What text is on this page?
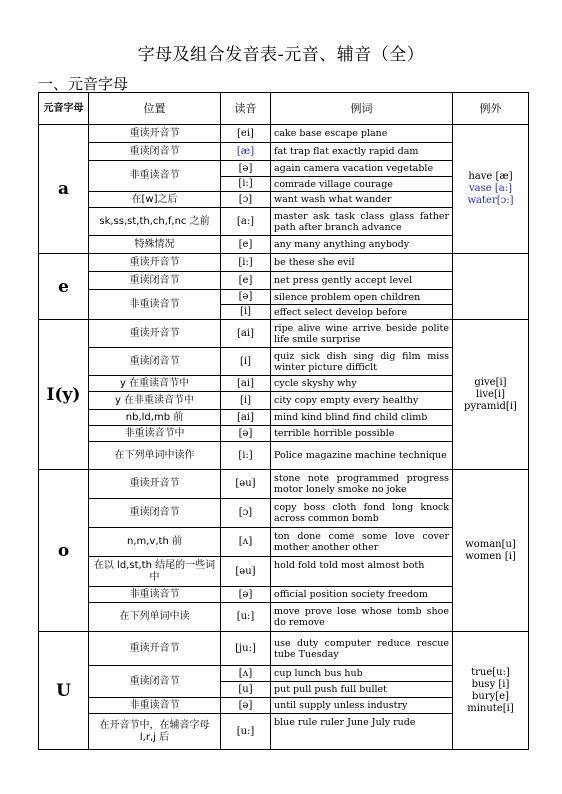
字母及组合发音表-元音、辅音（全）
一、元音字母
元音字母	位置	读音	例词	例外
a	重读开音节	[ei]	cake base escape plane	have [æ]
vase [a:]
water[ɔ:]

	重读闭音节	[æ]	fat trap flat exactly rapid dam	
	非重读音节	[ə]	again camera vacation vegetable	
		[i:]	comrade village courage	
	在[w]之后	[ɔ]	want wash what wander	
	sk,ss,st,th,ch,f,nc 之前	[a:]	master ask task class glass father path after branch advance	
	特殊情况	[e]	any many anything anybody	
e	重读开音节	[i:]	be these she evil	
	重读闭音节	[e]	net press gently accept level	
	非重读音节	[ə]	silence problem open children	
		[i]	effect select develop before	
I(y)	重读开音节	[ai]	ripe alive wine arrive beside polite life smile surprise	give[i]
live[i]
pyramid[i]

	重读闭音节	[i]	quiz sick dish sing dig film miss winter picture difficlt	
	y 在重读音节中	[ai]	cycle skyshy why	
	y 在非重读音节中	[i]	city copy empty every healthy	
	nb,ld,mb 前	[ai]	mind kind blind find child climb	
	非重读音节中	[ə]	terrible horrible possible	
	在下列单词中读作	[i:]	Police magazine machine technique	
o	重读开音节	[əu]	stone note programmed progress motor lonely smoke no joke	woman[u]
women [i]

	重读闭音节	[ɔ]	copy boss cloth fond long knock across common bomb	
	n,m,v,th 前	[ʌ]	ton done come some love cover mother another other	
	在以 ld,st,th 结尾的一些词中	[əu]	hold fold told most almost both	
	非重读音节	[ə]	official position society freedom	
	在下列单词中读	[u:]	move prove lose whose tomb shoe do remove	
U	重读开音节	[ju:]	use duty computer reduce rescue tube Tuesday	true[u:]
busy [i]
bury[e]
minute[i]

	重读闭音节	[ʌ]	cup lunch bus hub	
		[u]	put pull push full bullet	
	非重读音节	[ə]	until supply unless industry	
	在开音节中，在辅音字母 l,r,j 后	[u:]	blue rule ruler June July rude	
